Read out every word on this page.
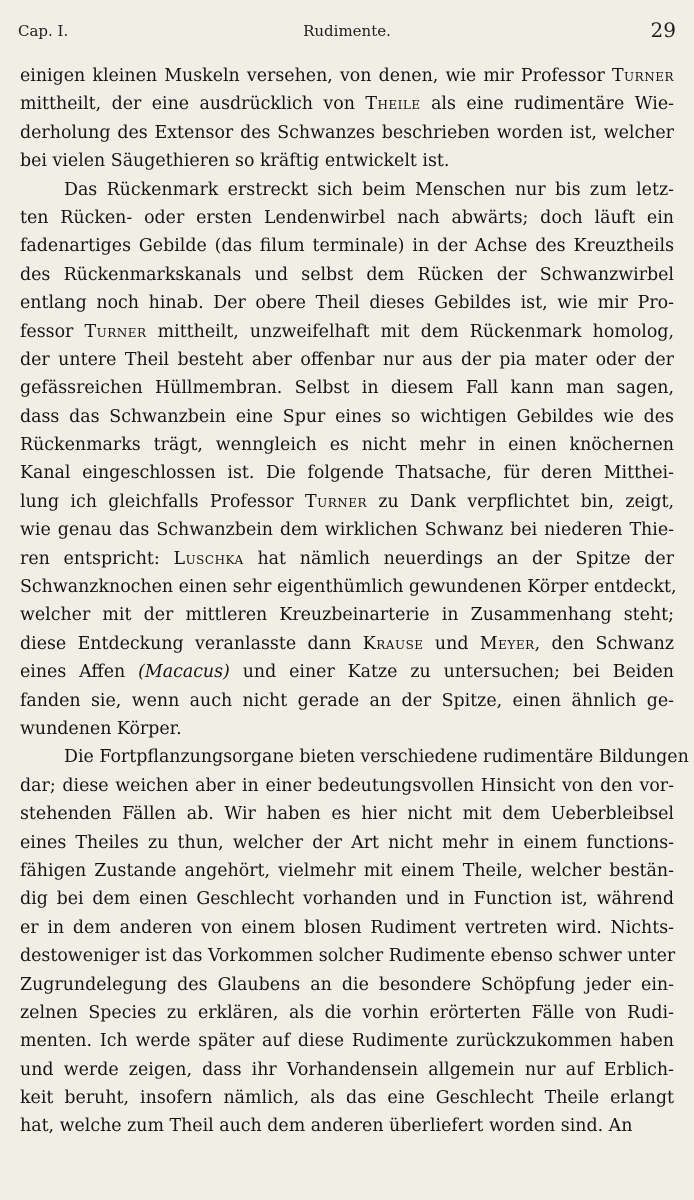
Cap. I.	Rudimente.	29
einigen kleinen Muskeln versehen, von denen, wie mir Professor Turner
mittheilt, der eine ausdrücklich von Theile als eine rudimentäre Wie-
derholung des Extensor des Schwanzes beschrieben worden ist, welcher
bei vielen Säugethieren so kräftig entwickelt ist.
Das Rückenmark erstreckt sich beim Menschen nur bis zum letz-
ten Rücken- oder ersten Lendenwirbel nach abwärts; doch läuft ein
fadenartiges Gebilde (das filum terminale) in der Achse des Kreuztheils
des Rückenmarkskanals und selbst dem Rücken der Schwanzwirbel
entlang noch hinab. Der obere Theil dieses Gebildes ist, wie mir Pro-
fessor Turner mittheilt, unzweifelhaft mit dem Rückenmark homolog,
der untere Theil besteht aber offenbar nur aus der pia mater oder der
gefässreichen Hüllmembran. Selbst in diesem Fall kann man sagen,
dass das Schwanzbein eine Spur eines so wichtigen Gebildes wie des
Rückenmarks trägt, wennglеich es nicht mehr in einen knöchernen
Kanal eingeschlossen ist. Die folgende Thatsache, für deren Mitthei-
lung ich gleichfalls Professor Turner zu Dank verpflichtet bin, zeigt,
wie genau das Schwanzbein dem wirklichen Schwanz bei niederen Thie-
ren entspricht: Luschka hat nämlich neuerdings an der Spitze der
Schwanzknochen einen sehr eigenthümlich gewundenen Körper entdeckt,
welcher mit der mittleren Kreuzbeinarterie in Zusammenhang steht;
diese Entdeckung veranlasste dann Krause und Meyer, den Schwanz
eines Affen (Macacus) und einer Katze zu untersuchen; bei Beiden
fanden sie, wenn auch nicht gerade an der Spitze, einen ähnlich ge-
wundenen Körper.
Die Fortpflanzungsorgane bieten verschiedene rudimentäre Bildungen
dar; diese weichen aber in einer bedeutungsvollen Hinsicht von den vor-
stehenden Fällen ab. Wir haben es hier nicht mit dem Ueberbleibsel
eines Theiles zu thun, welcher der Art nicht mehr in einem functions-
fähigen Zustande angehört, vielmehr mit einem Theile, welcher bestän-
dig bei dem einen Geschlecht vorhanden und in Function ist, während
er in dem anderen von einem blosen Rudiment vertreten wird. Nichts-
destoweniger ist das Vorkommen solcher Rudimente ebenso schwer unter
Zugrundelegung des Glaubens an die besondere Schöpfung jeder ein-
zelnen Species zu erklären, als die vorhin erörterten Fälle von Rudi-
menten. Ich werde später auf diese Rudimente zurückzukommen haben
und werde zeigen, dass ihr Vorhandensein allgemein nur auf Erblich-
keit beruht, insofern nämlich, als das eine Geschlecht Theile erlangt
hat, welche zum Theil auch dem anderen überliefert worden sind. An
